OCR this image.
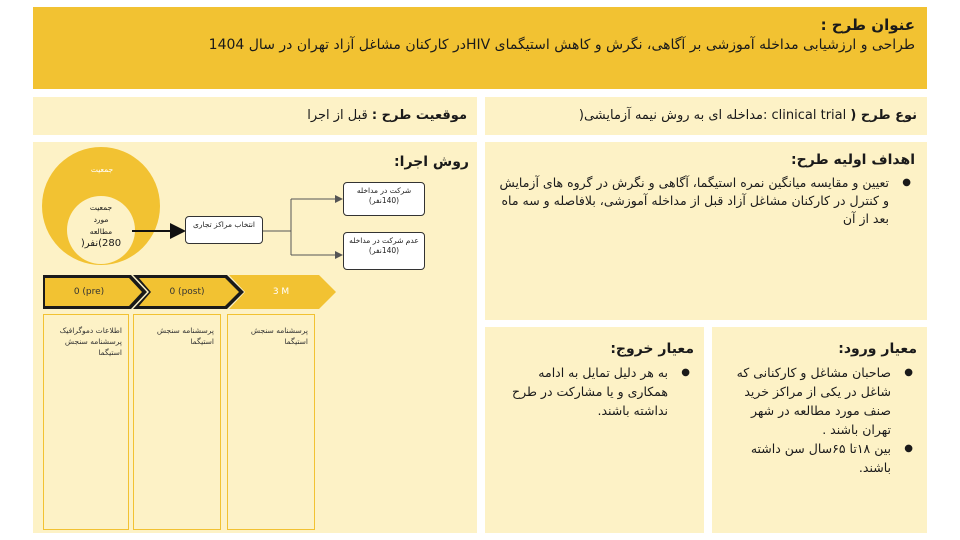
عنوان طرح :
طراحی و ارزشیابی مداخله آموزشی بر آگاهی، نگرش و کاهش استیگمای HIVدر کارکنان مشاغل آزاد تهران در سال 1404
موقعیت طرح : قبل از اجرا	نوع طرح ( clinical trial :مداخله ای به روش نیمه آزمایشی(
اهداف اولیه طرح:
● تعیین و مقایسه میانگین نمره استیگما، آگاهی و نگرش در گروه های آزمایش و کنترل در کارکنان مشاغل آزاد قبل از مداخله آموزشی، بلافاصله و سه ماه بعد از آن
معیار ورود:
● صاحبان مشاغل و کارکنانی که شاغل در یکی از مراکز خرید صنف مورد مطالعه در شهر تهران باشند .
● بین ۱۸تا ۶۵سال سن داشته باشند.
معیار خروج:
● به هر دلیل تمایل به ادامه همکاری و یا مشارکت در طرح نداشته باشند.
روش اجرا:
جمعیت
جمعیت
مورد
مطالعه
280)نفر(
انتخاب مراکز تجاری
شرکت در مداخله (140نفر)
عدم شرکت در مداخله (140نفر)
0 (pre)	0 (post)	3 M
اطلاعات دموگرافیک پرسشنامه سنجش استیگما
پرسشنامه سنجش استیگما
پرسشنامه سنجش استیگما
